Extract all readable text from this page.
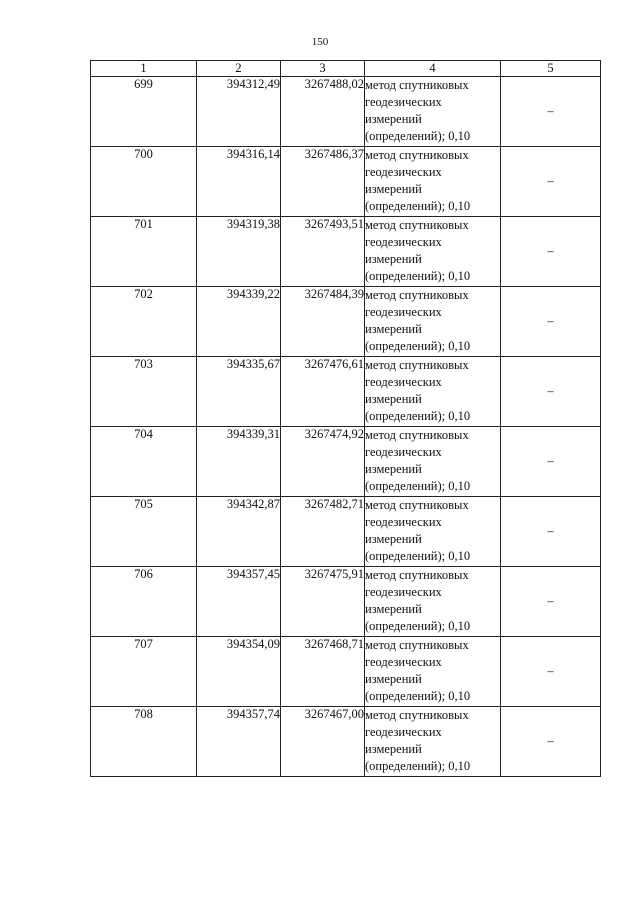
150
1	2	3	4	5
699	394312,49	3267488,02	метод спутниковых
геодезических
измерений
(определений); 0,10	–
700	394316,14	3267486,37	метод спутниковых
геодезических
измерений
(определений); 0,10	–
701	394319,38	3267493,51	метод спутниковых
геодезических
измерений
(определений); 0,10	–
702	394339,22	3267484,39	метод спутниковых
геодезических
измерений
(определений); 0,10	–
703	394335,67	3267476,61	метод спутниковых
геодезических
измерений
(определений); 0,10	–
704	394339,31	3267474,92	метод спутниковых
геодезических
измерений
(определений); 0,10	–
705	394342,87	3267482,71	метод спутниковых
геодезических
измерений
(определений); 0,10	–
706	394357,45	3267475,91	метод спутниковых
геодезических
измерений
(определений); 0,10	–
707	394354,09	3267468,71	метод спутниковых
геодезических
измерений
(определений); 0,10	–
708	394357,74	3267467,00	метод спутниковых
геодезических
измерений
(определений); 0,10	–
